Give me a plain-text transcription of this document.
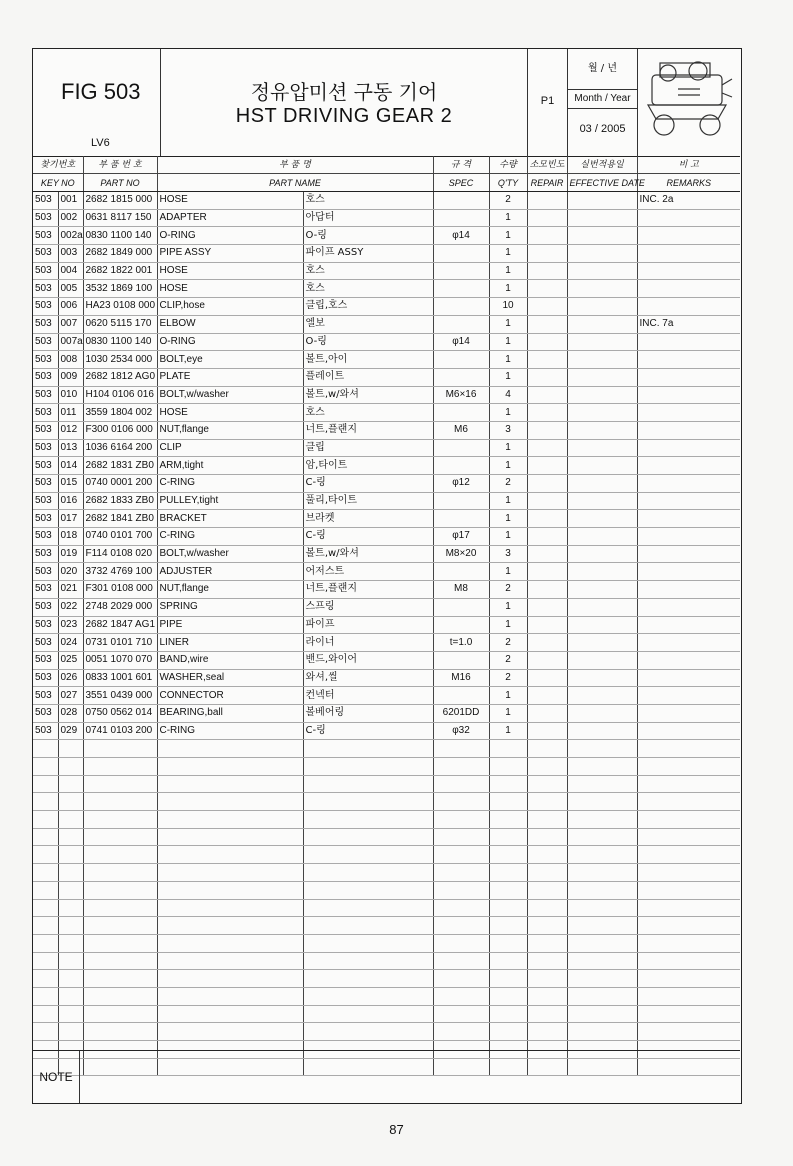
FIG 503
LV6
정유압미션 구동 기어
HST DRIVING GEAR 2
P1
월 / 년
Month / Year
03 / 2005
찾기번호		부 품 번 호	부 품 명		규 격	수량	소모빈도	실번적용일	비 고
KEY NO		PART NO	PART NAME		SPEC	Q'TY	REPAIR	EFFECTIVE DATE	REMARKS
503	001	2682 1815 000	HOSE	호스		2			INC. 2a
503	002	0631 8117 150	ADAPTER	아답터		1			
503	002a	0830 1100 140	O-RING	O-링	φ14	1			
503	003	2682 1849 000	PIPE ASSY	파이프 ASSY		1			
503	004	2682 1822 001	HOSE	호스		1			
503	005	3532 1869 100	HOSE	호스		1			
503	006	HA23 0108 000	CLIP,hose	클립,호스		10			
503	007	0620 5115 170	ELBOW	엘보		1			INC. 7a
503	007a	0830 1100 140	O-RING	O-링	φ14	1			
503	008	1030 2534 000	BOLT,eye	볼트,아이		1			
503	009	2682 1812 AG0	PLATE	플레이트		1			
503	010	H104 0106 016	BOLT,w/washer	볼트,w/와셔	M6×16	4			
503	011	3559 1804 002	HOSE	호스		1			
503	012	F300 0106 000	NUT,flange	너트,플랜지	M6	3			
503	013	1036 6164 200	CLIP	클립		1			
503	014	2682 1831 ZB0	ARM,tight	암,타이트		1			
503	015	0740 0001 200	C-RING	C-링	φ12	2			
503	016	2682 1833 ZB0	PULLEY,tight	풀리,타이트		1			
503	017	2682 1841 ZB0	BRACKET	브라켓		1			
503	018	0740 0101 700	C-RING	C-링	φ17	1			
503	019	F114 0108 020	BOLT,w/washer	볼트,w/와셔	M8×20	3			
503	020	3732 4769 100	ADJUSTER	어저스트		1			
503	021	F301 0108 000	NUT,flange	너트,플랜지	M8	2			
503	022	2748 2029 000	SPRING	스프링		1			
503	023	2682 1847 AG1	PIPE	파이프		1			
503	024	0731 0101 710	LINER	라이너	t=1.0	2			
503	025	0051 1070 070	BAND,wire	밴드,와이어		2			
503	026	0833 1001 601	WASHER,seal	와셔,씰	M16	2			
503	027	3551 0439 000	CONNECTOR	컨넥터		1			
503	028	0750 0562 014	BEARING,ball	볼베어링	6201DD	1			
503	029	0741 0103 200	C-RING	C-링	φ32	1			

NOTE
87
